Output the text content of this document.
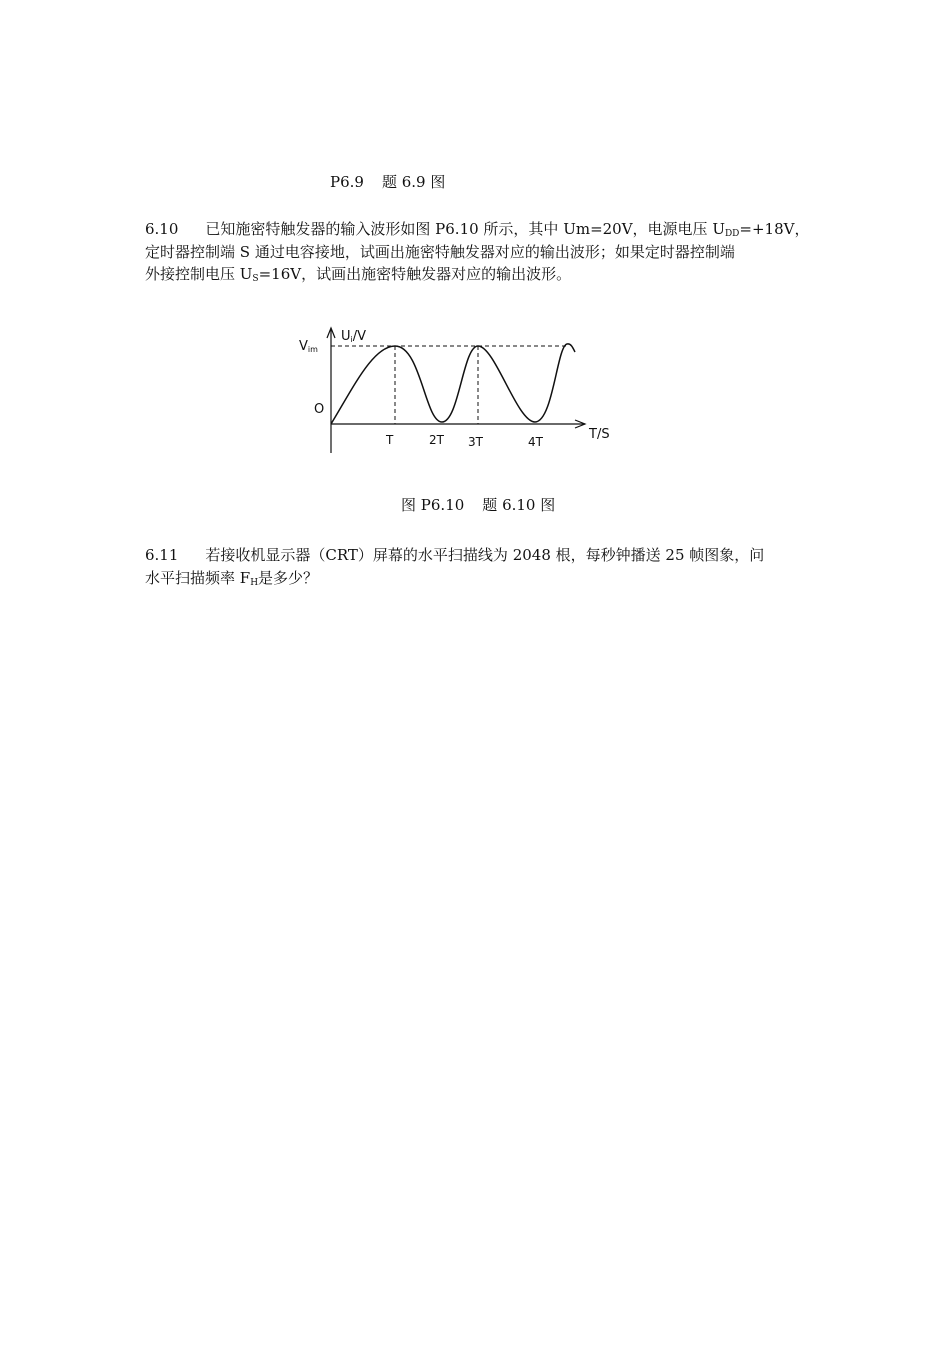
P6.9 题 6.9 图
6.10 已知施密特触发器的输入波形如图 P6.10 所示，其中 Um=20V，电源电压 $U_{DD}=+18V$，
定时器控制端 S 通过电容接地，试画出施密特触发器对应的输出波形；如果定时器控制端
外接控制电压 $U_S=16V$，试画出施密特触发器对应的输出波形。
Ui/V
Vim
O
T/S
T	2T 3T	4T
图 P6.10 题 6.10 图
6.11 若接收机显示器（CRT）屏幕的水平扫描线为 2048 根，每秒钟播送 25 帧图象，问
水平扫描频率 $F_H$是多少？
